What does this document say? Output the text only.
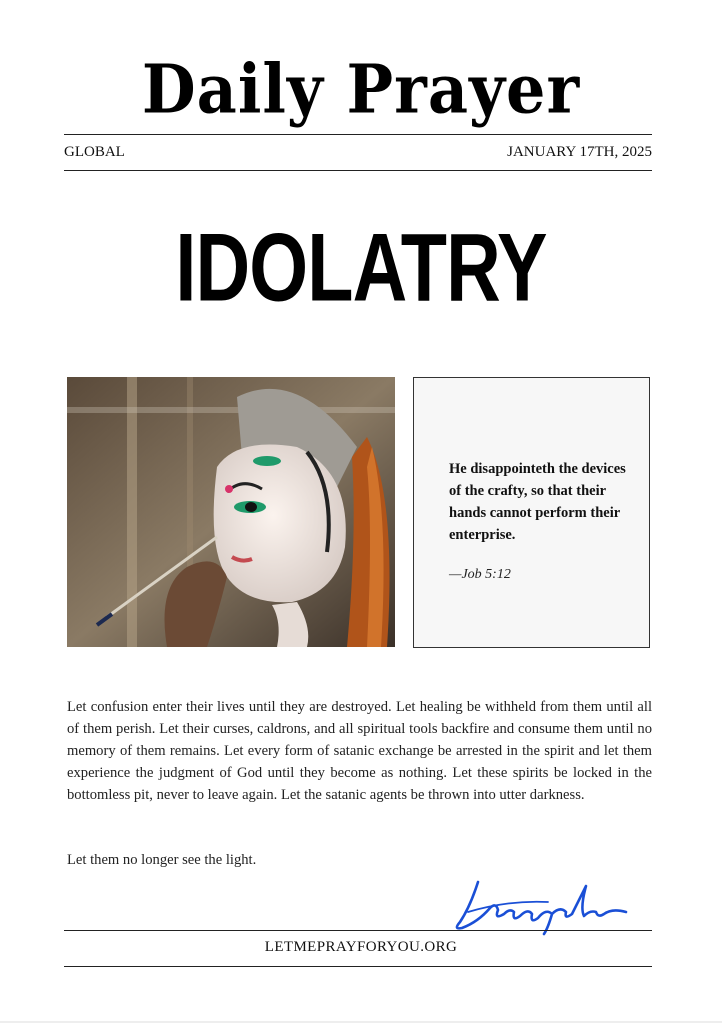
Daily Prayer
GLOBAL	JANUARY 17TH, 2025
IDOLATRY
He disappointeth the devices of the crafty, so that their hands cannot perform their enterprise.
—Job 5:12
Let confusion enter their lives until they are destroyed. Let healing be withheld from them until all of them perish. Let their curses, caldrons, and all spiritual tools backfire and consume them until no memory of them remains. Let every form of satanic exchange be arrested in the spirit and let them experience the judgment of God until they become as nothing. Let these spirits be locked in the bottomless pit, never to leave again. Let the satanic agents be thrown into utter darkness.
Let them no longer see the light.
LETMEPRAYFORYOU.ORG
